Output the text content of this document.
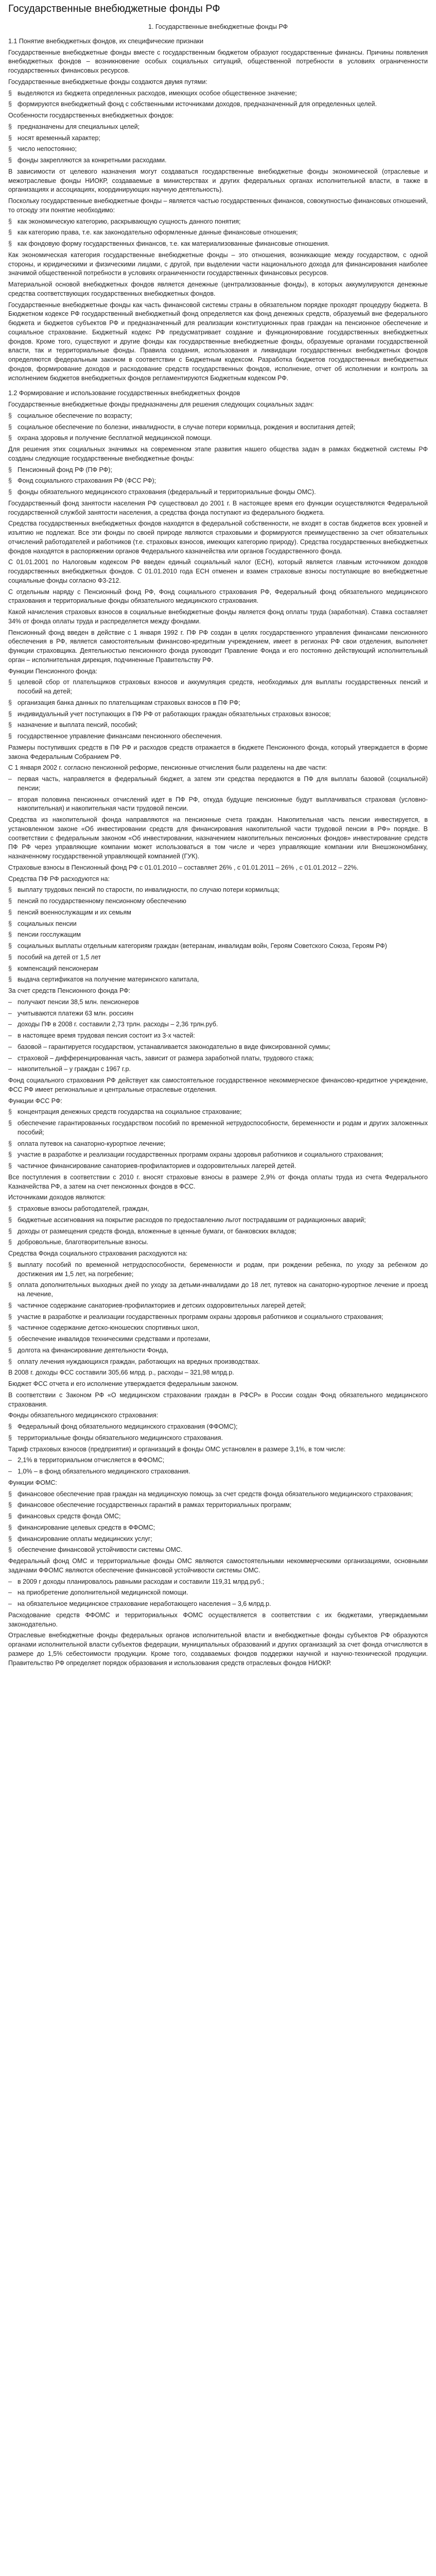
Государственные внебюджетные фонды РФ

1. Государственные внебюджетные фонды РФ

1.1 Понятие внебюджетных фондов, их специфические признаки

Государственные внебюджетные фонды вместе с государственным бюджетом образуют государственные финансы. Причины появления внебюджетных фондов – возникновение особых социальных ситуаций, общественной потребности в условиях ограниченности государственных финансовых ресурсов.

Государственные внебюджетные фонды создаются двумя путями:

§ выделяются из бюджета определенных расходов, имеющих особое общественное значение;

§ формируются внебюджетный фонд с собственными источниками доходов, предназначенный для определенных целей.

Особенности государственных внебюджетных фондов:

§ предназначены для специальных целей;

§ носят временный характер;

§ число непостоянно;

§ фонды закрепляются за конкретными расходами.

В зависимости от целевого назначения могут создаваться государственные внебюджетные фонды экономической (отраслевые и межотраслевые фонды НИОКР, создаваемые в министерствах и других федеральных органах исполнительной власти, в также в организациях и ассоциациях, координирующих научную деятельность).

Поскольку государственные внебюджетные фонды – является частью государственных финансов, совокупностью финансовых отношений, то отсюду эти понятие необходимо:

§ как экономическую категорию, раскрывающую сущность данного понятия;

§ как категорию права, т.е. как законодательно оформленные данные финансовые отношения;

§ как фондовую форму государственных финансов, т.е. как материализованные финансовые отношения.

Как экономическая категория государственные внебюджетные фонды – это отношения, возникающие между государством, с одной стороны, и юридическими и физическими лицами, с другой, при выделении части национального дохода для финансирования наиболее значимой общественной потребности в условиях ограниченности государственных финансовых ресурсов.

Материальной основой внебюджетных фондов является денежные (централизованные фонды), в которых аккумулируются денежные средства соответствующих государственных внебюджетных фондов.

Государственные внебюджетные фонды как часть финансовой системы страны в обязательном порядке проходят процедуру бюджета. В Бюджетном кодексе РФ государственный внебюджетный фонд определяется как фонд денежных средств, образуемый вне федерального бюджета и бюджетов субъектов РФ и предназначенный для реализации конституционных прав граждан на пенсионное обеспечение и социальное страхование. Бюджетный кодекс РФ предусматривает создание и функционирование государственных внебюджетных фондов. Кроме того, существуют и другие фонды как государственные внебюджетные фонды, образуемые органами государственной власти, так и территориальные фонды. Правила создания, использования и ликвидации государственных внебюджетных фондов определяются федеральным законом в соответствии с Бюджетным кодексом. Разработка бюджетов государственных внебюджетных фондов, формирование доходов и расходование средств государственных фондов, исполнение, отчет об исполнении и контроль за исполнением бюджетов внебюджетных фондов регламентируются Бюджетным кодексом РФ.

1.2 Формирование и использование государственных внебюджетных фондов

Государственные внебюджетные фонды предназначены для решения следующих социальных задач:

§ социальное обеспечение по возрасту;

§ социальное обеспечение по болезни, инвалидности, в случае потери кормильца, рождения и воспитания детей;

§ охрана здоровья и получение бесплатной медицинской помощи.

Для решения этих социальных значимых на современном этапе развития нашего общества задач в рамках бюджетной системы РФ созданы следующие государственные внебюджетные фонды:

§ Пенсионный фонд РФ (ПФ РФ);

§ Фонд социального страхования РФ (ФСС РФ);

§ фонды обязательного медицинского страхования (федеральный и территориальные фонды ОМС).

Государственный фонд занятости населения РФ существовал до 2001 г. В настоящее время его функции осуществляются Федеральной государственной службой занятости населения, а средства фонда поступают из федерального бюджета.

Средства государственных внебюджетных фондов находятся в федеральной собственности, не входят в состав бюджетов всех уровней и изъятию не подлежат. Все эти фонды по своей природе являются страховыми и формируются преимущественно за счет обязательных отчислений работодателей и работников (т.е. страховых взносов, имеющих категорию природу). Средства государственных внебюджетных фондов находятся в распоряжении органов Федерального казначейства или органов Государственного фонда.

С 01.01.2001 по Налоговым кодексом РФ введен единый социальный налог (ЕСН), который является главным источником доходов государственных внебюджетных фондов. С 01.01.2010 года ЕСН отменен и взамен страховые взносы поступающие во внебюджетные социальные фонды согласно Ф3-212.

С отдельным наряду с Пенсионный фонд РФ, Фонд социального страхования РФ, Федеральный фонд обязательного медицинского страхования и территориальные фонды обязательного медицинского страхования.

Какой начисления страховых взносов в социальные внебюджетные фонды является фонд оплаты труда (заработная). Ставка составляет 34% от фонда оплаты труда и распределяется между фондами.

Пенсионный фонд введен в действие с 1 января 1992 г. ПФ РФ создан в целях государственного управления финансами пенсионного обеспечения в РФ, является самостоятельным финансово-кредитным учреждением, имеет в регионах РФ свои отделения, выполняет функции страховщика. Деятельностью пенсионного фонда руководит Правление Фонда и его постоянно действующий исполнительный орган – исполнительная дирекция, подчиненные Правительству РФ.

Функции Пенсионного фонда:

§ целевой сбор от плательщиков страховых взносов и аккумуляция средств, необходимых для выплаты государственных пенсий и пособий на детей;

§ организация банка данных по плательщикам страховых взносов в ПФ РФ;

§ индивидуальный учет поступающих в ПФ РФ от работающих граждан обязательных страховых взносов;

§ назначение и выплата пенсий, пособий;

§ государственное управление финансами пенсионного обеспечения.

Размеры поступивших средств в ПФ РФ и расходов средств отражается в бюджете Пенсионного фонда, который утверждается в форме закона Федеральным Собранием РФ.

С 1 января 2002 г. согласно пенсионной реформе, пенсионные отчисления были разделены на две части:

– первая часть, направляется в федеральный бюджет, а затем эти средства передаются в ПФ для выплаты базовой (социальной) пенсии;

– вторая половина пенсионных отчислений идет в ПФ РФ, откуда будущие пенсионные будут выплачиваться страховая (условно-накопительная) и накопительная части трудовой пенсии.

Средства из накопительной фонда направляются на пенсионные счета граждан. Накопительная часть пенсии инвестируется, в установленном законе «Об инвестировании средств для финансирования накопительной части трудовой пенсии в РФ» порядке. В соответствии с федеральным законом «Об инвестировании, назначением накопительных пенсионных фондов» инвестирование средств ПФ РФ через управляющие компании может использоваться в том числе и через управляющие компании или Внешэкономбанку, назначенному государственной управляющей компанией (ГУК).

Страховые взносы в Пенсионный фонд РФ с 01.01.2010 – составляет 26% , с 01.01.2011 – 26% , с 01.01.2012 – 22%.

Средства ПФ РФ расходуются на:

§ выплату трудовых пенсий по старости, по инвалидности, по случаю потери кормильца;

§ пенсий по государственному пенсионному обеспечению

§ пенсий военнослужащим и их семьям

§ социальных пенсии

§ пенсии госслужащим

§ социальных выплаты отдельным категориям граждан (ветеранам, инвалидам войн, Героям Советского Союза, Героям РФ)

§ пособий на детей от 1,5 лет

§ компенсаций пенсионерам

§ выдача сертификатов на получение материнского капитала,

За счет средств Пенсионного фонда РФ:

– получают пенсии 38,5 млн. пенсионеров

– учитываются платежи 63 млн. россиян

– доходы ПФ в 2008 г. составили 2,73 трлн. расходы – 2,36 трлн.руб.

– в настоящее время трудовая пенсия состоит из 3-х частей:

– базовой – гарантируется государством, устанавливается законодательно в виде фиксированной суммы;

– страховой – дифференцированная часть, зависит от размера заработной платы, трудового стажа;

– накопительной – у граждан с 1967 г.р.

Фонд социального страхования РФ действует как самостоятельное государственное некоммерческое финансово-кредитное учреждение, ФСС РФ имеет региональные и центральные отраслевые отделения.

Функции ФСС РФ:

§ концентрация денежных средств государства на социальное страхование;

§ обеспечение гарантированных государством пособий по временной нетрудоспособности, беременности и родам и других заложенных пособий;

§ оплата путевок на санаторно-курортное лечение;

§ участие в разработке и реализации государственных программ охраны здоровья работников и социального страхования;

§ частичное финансирование санаториев-профилакториев и оздоровительных лагерей детей.

Все поступления в соответствии с 2010 г. вносят страховые взносы в размере 2,9% от фонда оплаты труда из счета Федерального Казначейства РФ, а затем на счет пенсионных фондов в ФСС.

Источниками доходов являются:

§ страховые взносы работодателей, граждан,

§ бюджетные ассигнования на покрытие расходов по предоставлению льгот пострадавшим от радиационных аварий;

§ доходы от размещения средств фонда, вложенные в ценные бумаги, от банковских вкладов;

§ добровольные, благотворительные взносы.

Средства Фонда социального страхования расходуются на:

§ выплату пособий по временной нетрудоспособности, беременности и родам, при рождении ребенка, по уходу за ребенком до достижения им 1,5 лет, на погребение;

§ оплата дополнительных выходных дней по уходу за детьми-инвалидами до 18 лет, путевок на санаторно-курортное лечение и проезд на лечение,

§ частичное содержание санаториев-профилакториев и детских оздоровительных лагерей детей;

§ участие в разработке и реализации государственных программ охраны здоровья работников и социального страхования;

§ частичное содержание детско-юношеских спортивных школ,

§ обеспечение инвалидов техническими средствами и протезами,

§ долгота на финансирование деятельности Фонда,

§ оплату лечения нуждающихся граждан, работающих на вредных производствах.

В 2008 г. доходы ФСС составили 305,66 млрд. р., расходы – 321,98 млрд.р.

Бюджет ФСС отчета и его исполнение утверждается федеральным законом.

В соответствии с Законом РФ «О медицинском страховании граждан в РФСР» в России создан Фонд обязательного медицинского страхования.

Фонды обязательного медицинского страхования:

§ Федеральный фонд обязательного медицинского страхования (ФФОМС);

§ территориальные фонды обязательного медицинского страхования.

Тариф страховых взносов (предприятия) и организаций в фонды ОМС установлен в размере 3,1%, в том числе:

– 2,1% в территориальном отчисляется в ФФОМС;

– 1,0% – в фонд обязательного медицинского страхования.

Функции ФОМС:

§ финансовое обеспечение прав граждан на медицинскую помощь за счет средств фонда обязательного медицинского страхования;

§ финансовое обеспечение государственных гарантий в рамках территориальных программ;

§ финансовых средств фонда ОМС;

§ финансирование целевых средств в ФФОМС;

§ финансирование оплаты медицинских услуг;

§ обеспечение финансовой устойчивости системы ОМС.

Федеральный фонд ОМС и территориальные фонды ОМС являются самостоятельными некоммерческими организациями, основными задачами ФФОМС являются обеспечение финансовой устойчивости системы ОМС.

– в 2009 г доходы планировалось равными расходам и составили 119,31 млрд.руб.;

– на приобретение дополнительной медицинской помощи.

– на обязательное медицинское страхование неработающего населения – 3,6 млрд.р.

Расходование средств ФФОМС и территориальных ФОМС осуществляется в соответствии с их бюджетами, утверждаемыми законодательно.

Отраслевые внебюджетные фонды федеральных органов исполнительной власти и внебюджетные фонды субъектов РФ образуются органами исполнительной власти субъектов федерации, муниципальных образований и других организаций за счет фонда отчисляются в размере до 1,5% себестоимости продукции. Кроме того, создаваемых фондов поддержки научной и научно-технической продукции. Правительство РФ определяет порядок образования и использования средств отраслевых фондов НИОКР.
